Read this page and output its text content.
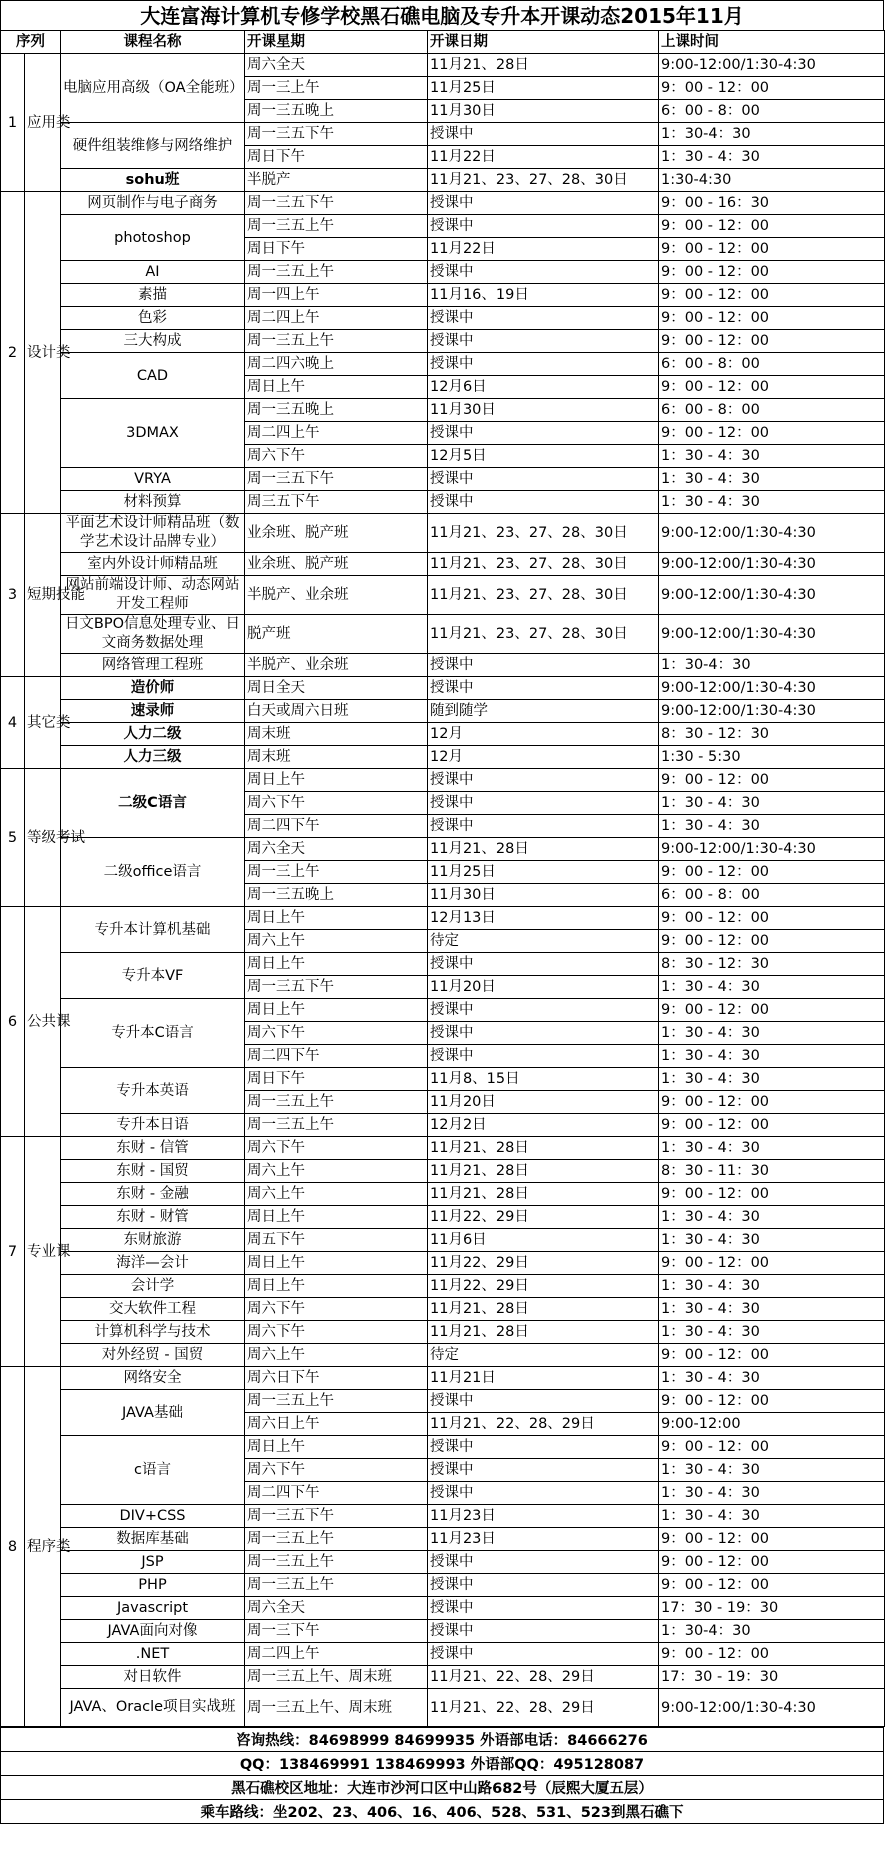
大连富海计算机专修学校黑石礁电脑及专升本开课动态2015年11月
序列		课程名称	开课星期	开课日期	上课时间
1	应用类	电脑应用高级（OA全能班）	周六全天	11月21、28日	9:00-12:00/1:30-4:30
			周一三上午	11月25日	9：00 - 12：00
			周一三五晚上	11月30日	6：00 - 8：00
		硬件组装维修与网络维护	周一三五下午	授课中	1：30-4：30
			周日下午	11月22日	1：30 - 4：30
		sohu班	半脱产	11月21、23、27、28、30日	1:30-4:30
2	设计类	网页制作与电子商务	周一三五下午	授课中	9：00 - 16：30
		photoshop	周一三五上午	授课中	9：00 - 12：00
			周日下午	11月22日	9：00 - 12：00
		AI	周一三五上午	授课中	9：00 - 12：00
		素描	周一四上午	11月16、19日	9：00 - 12：00
		色彩	周二四上午	授课中	9：00 - 12：00
		三大构成	周一三五上午	授课中	9：00 - 12：00
		CAD	周二四六晚上	授课中	6：00 - 8：00
			周日上午	12月6日	9：00 - 12：00
		3DMAX	周一三五晚上	11月30日	6：00 - 8：00
			周二四上午	授课中	9：00 - 12：00
			周六下午	12月5日	1：30 - 4：30
		VRYA	周一三五下午	授课中	1：30 - 4：30
		材料预算	周三五下午	授课中	1：30 - 4：30
3	短期技能	平面艺术设计师精品班（数学艺术设计品牌专业）	业余班、脱产班	11月21、23、27、28、30日	9:00-12:00/1:30-4:30
		室内外设计师精品班	业余班、脱产班	11月21、23、27、28、30日	9:00-12:00/1:30-4:30
		网站前端设计师、动态网站开发工程师	半脱产、业余班	11月21、23、27、28、30日	9:00-12:00/1:30-4:30
		日文BPO信息处理专业、日文商务数据处理	脱产班	11月21、23、27、28、30日	9:00-12:00/1:30-4:30
		网络管理工程班	半脱产、业余班	授课中	1：30-4：30
4	其它类	造价师	周日全天	授课中	9:00-12:00/1:30-4:30
		速录师	白天或周六日班	随到随学	9:00-12:00/1:30-4:30
		人力二级	周末班	12月	8：30 - 12：30
		人力三级	周末班	12月	1:30 - 5:30
5	等级考试	二级C语言	周日上午	授课中	9：00 - 12：00
			周六下午	授课中	1：30 - 4：30
			周二四下午	授课中	1：30 - 4：30
		二级office语言	周六全天	11月21、28日	9:00-12:00/1:30-4:30
			周一三上午	11月25日	9：00 - 12：00
			周一三五晚上	11月30日	6：00 - 8：00
6	公共课	专升本计算机基础	周日上午	12月13日	9：00 - 12：00
			周六上午	待定	9：00 - 12：00
		专升本VF	周日上午	授课中	8：30 - 12：30
			周一三五下午	11月20日	1：30 - 4：30
		专升本C语言	周日上午	授课中	9：00 - 12：00
			周六下午	授课中	1：30 - 4：30
			周二四下午	授课中	1：30 - 4：30
		专升本英语	周日下午	11月8、15日	1：30 - 4：30
			周一三五上午	11月20日	9：00 - 12：00
		专升本日语	周一三五上午	12月2日	9：00 - 12：00
7	专业课	东财 - 信管	周六下午	11月21、28日	1：30 - 4：30
		东财 - 国贸	周六上午	11月21、28日	8：30 - 11：30
		东财 - 金融	周六上午	11月21、28日	9：00 - 12：00
		东财 - 财管	周日上午	11月22、29日	1：30 - 4：30
		东财旅游	周五下午	11月6日	1：30 - 4：30
		海洋—会计	周日上午	11月22、29日	9：00 - 12：00
		会计学	周日上午	11月22、29日	1：30 - 4：30
		交大软件工程	周六下午	11月21、28日	1：30 - 4：30
		计算机科学与技术	周六下午	11月21、28日	1：30 - 4：30
		对外经贸 - 国贸	周六上午	待定	9：00 - 12：00
8	程序类	网络安全	周六日下午	11月21日	1：30 - 4：30
		JAVA基础	周一三五上午	授课中	9：00 - 12：00
			周六日上午	11月21、22、28、29日	9:00-12:00
		c语言	周日上午	授课中	9：00 - 12：00
			周六下午	授课中	1：30 - 4：30
			周二四下午	授课中	1：30 - 4：30
		DIV+CSS	周一三五下午	11月23日	1：30 - 4：30
		数据库基础	周一三五上午	11月23日	9：00 - 12：00
		JSP	周一三五上午	授课中	9：00 - 12：00
		PHP	周一三五上午	授课中	9：00 - 12：00
		Javascript	周六全天	授课中	17：30 - 19：30
		JAVA面向对像	周一三下午	授课中	1：30-4：30
		.NET	周二四上午	授课中	9：00 - 12：00
		对日软件	周一三五上午、周末班	11月21、22、28、29日	17：30 - 19：30
		JAVA、Oracle项目实战班	周一三五上午、周末班	11月21、22、28、29日	9:00-12:00/1:30-4:30
咨询热线：84698999 84699935 外语部电话：84666276
QQ：138469991 138469993 外语部QQ：495128087
黑石礁校区地址：大连市沙河口区中山路682号（辰熙大厦五层）
乘车路线：坐202、23、406、16、406、528、531、523到黑石礁下
